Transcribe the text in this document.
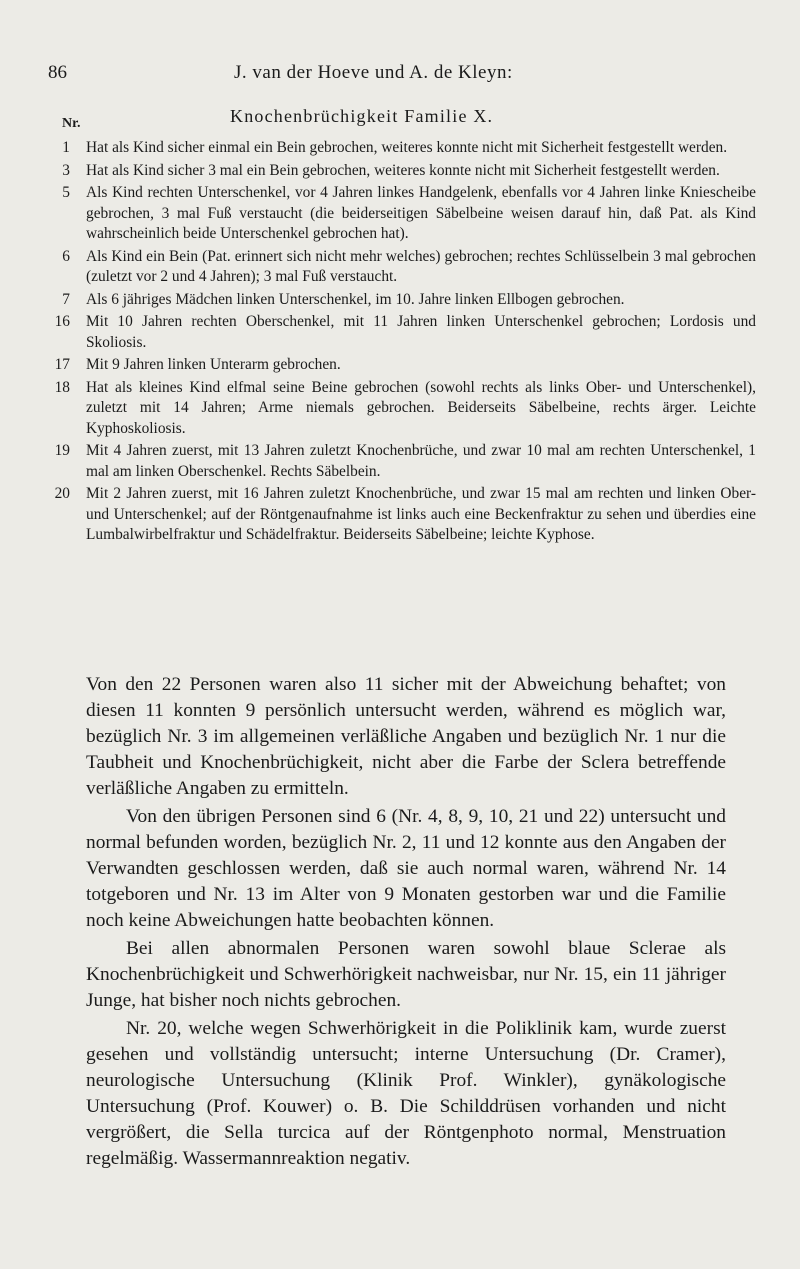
86	J. van der Hoeve und A. de Kleyn:
Knochenbrüchigkeit Familie X.
Nr.
1 Hat als Kind sicher einmal ein Bein gebrochen, weiteres konnte nicht mit Sicherheit festgestellt werden.
3 Hat als Kind sicher 3 mal ein Bein gebrochen, weiteres konnte nicht mit Sicherheit festgestellt werden.
5 Als Kind rechten Unterschenkel, vor 4 Jahren linkes Handgelenk, ebenfalls vor 4 Jahren linke Kniescheibe gebrochen, 3 mal Fuß verstaucht (die beiderseitigen Säbelbeine weisen darauf hin, daß Pat. als Kind wahrscheinlich beide Unterschenkel gebrochen hat).
6 Als Kind ein Bein (Pat. erinnert sich nicht mehr welches) gebrochen; rechtes Schlüsselbein 3 mal gebrochen (zuletzt vor 2 und 4 Jahren); 3 mal Fuß verstaucht.
7 Als 6 jähriges Mädchen linken Unterschenkel, im 10. Jahre linken Ellbogen gebrochen.
16 Mit 10 Jahren rechten Oberschenkel, mit 11 Jahren linken Unterschenkel gebrochen; Lordosis und Skoliosis.
17 Mit 9 Jahren linken Unterarm gebrochen.
18 Hat als kleines Kind elfmal seine Beine gebrochen (sowohl rechts als links Ober- und Unterschenkel), zuletzt mit 14 Jahren; Arme niemals gebrochen. Beiderseits Säbelbeine, rechts ärger. Leichte Kyphoskoliosis.
19 Mit 4 Jahren zuerst, mit 13 Jahren zuletzt Knochenbrüche, und zwar 10 mal am rechten Unterschenkel, 1 mal am linken Oberschenkel. Rechts Säbelbein.
20 Mit 2 Jahren zuerst, mit 16 Jahren zuletzt Knochenbrüche, und zwar 15 mal am rechten und linken Ober- und Unterschenkel; auf der Röntgenaufnahme ist links auch eine Beckenfraktur zu sehen und überdies eine Lumbalwirbelfraktur und Schädelfraktur. Beiderseits Säbelbeine; leichte Kyphose.

Von den 22 Personen waren also 11 sicher mit der Abweichung behaftet; von diesen 11 konnten 9 persönlich untersucht werden, während es möglich war, bezüglich Nr. 3 im allgemeinen verläßliche Angaben und bezüglich Nr. 1 nur die Taubheit und Knochenbrüchigkeit, nicht aber die Farbe der Sclera betreffende verläßliche Angaben zu ermitteln.

Von den übrigen Personen sind 6 (Nr. 4, 8, 9, 10, 21 und 22) untersucht und normal befunden worden, bezüglich Nr. 2, 11 und 12 konnte aus den Angaben der Verwandten geschlossen werden, daß sie auch normal waren, während Nr. 14 totgeboren und Nr. 13 im Alter von 9 Monaten gestorben war und die Familie noch keine Abweichungen hatte beobachten können.

Bei allen abnormalen Personen waren sowohl blaue Sclerae als Knochenbrüchigkeit und Schwerhörigkeit nachweisbar, nur Nr. 15, ein 11 jähriger Junge, hat bisher noch nichts gebrochen.

Nr. 20, welche wegen Schwerhörigkeit in die Poliklinik kam, wurde zuerst gesehen und vollständig untersucht; interne Untersuchung (Dr. Cramer), neurologische Untersuchung (Klinik Prof. Winkler), gynäkologische Untersuchung (Prof. Kouwer) o. B. Die Schilddrüsen vorhanden und nicht vergrößert, die Sella turcica auf der Röntgenphoto normal, Menstruation regelmäßig. Wassermannreaktion negativ.
